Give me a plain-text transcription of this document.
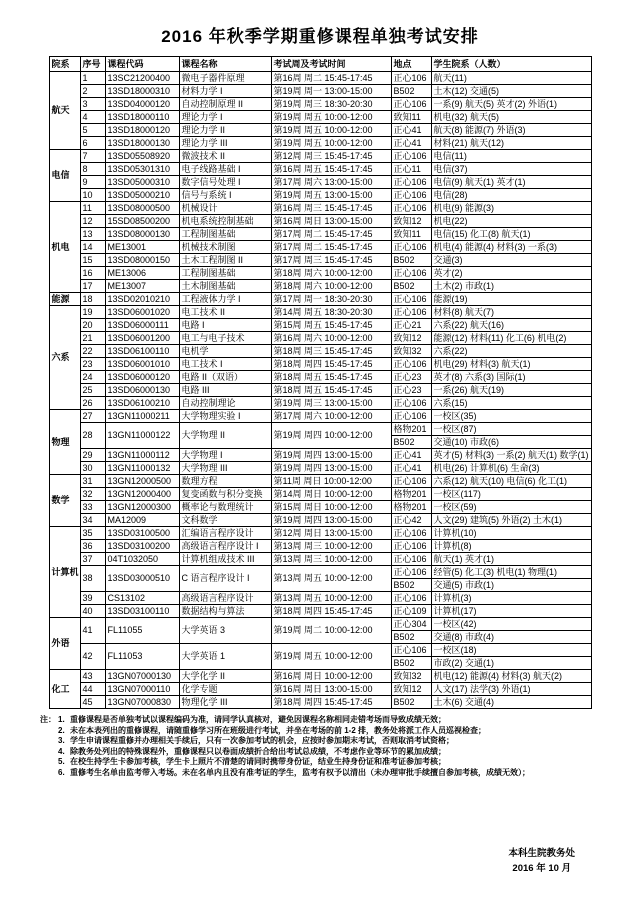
2016 年秋季学期重修课程单独考试安排
院系	序号	课程代码	课程名称	考试周及考试时间	地点	学生院系（人数）
航天	1	13SC21200400	微电子器件原理	第16周 周二 15:45-17:45	正心106	航天(11)
	2	13SD18000310	材料力学 I	第19周 周一 13:00-15:00	B502	土木(12) 交通(5)
	3	13SD04000120	自动控制原理 II	第19周 周三 18:30-20:30	正心106	一系(9) 航天(5) 英才(2) 外语(1)
	4	13SD18000110	理论力学 I	第19周 周五 10:00-12:00	致知11	机电(32) 航天(5)
	5	13SD18000120	理论力学 II	第19周 周五 10:00-12:00	正心41	航天(8) 能源(7) 外语(3)
	6	13SD18000130	理论力学 III	第19周 周五 10:00-12:00	正心41	材料(21) 航天(12)
电信	7	13SD05508920	微波技术 II	第12周 周三 15:45-17:45	正心106	电信(11)
	8	13SD05301310	电子线路基础 I	第16周 周五 15:45-17:45	正心11	电信(37)
	9	13SD05000310	数字信号处理 I	第17周 周六 13:00-15:00	正心106	电信(9) 航天(1) 英才(1)
	10	13SD05000210	信号与系统 I	第19周 周五 13:00-15:00	正心106	电信(28)
机电	11	13SD08000500	机械设计	第16周 周三 15:45-17:45	正心106	机电(9) 能源(3)
	12	15SD08500200	机电系统控制基础	第16周 周日 13:00-15:00	致知12	机电(22)
	13	13SD08000130	工程制图基础	第17周 周二 15:45-17:45	致知11	电信(15) 化工(8) 航天(1)
	14	ME13001	机械技术制图	第17周 周二 15:45-17:45	正心106	机电(4) 能源(4) 材料(3) 一系(3)
	15	13SD08000150	土木工程制图 II	第17周 周三 15:45-17:45	B502	交通(3)
	16	ME13006	工程制图基础	第18周 周六 10:00-12:00	正心106	英才(2)
	17	ME13007	土木制图基础	第18周 周六 10:00-12:00	B502	土木(2) 市政(1)
能源	18	13SD02010210	工程液体力学 I	第17周 周一 18:30-20:30	正心106	能源(19)
六系	19	13SD06001020	电工技术 II	第14周 周五 18:30-20:30	正心106	材料(8) 航天(7)
	20	13SD06000111	电路 I	第15周 周五 15:45-17:45	正心21	六系(22) 航天(16)
	21	13SD06001200	电工与电子技术	第16周 周六 10:00-12:00	致知12	能源(12) 材料(11) 化工(6) 机电(2)
	22	13SD06100110	电机学	第18周 周三 15:45-17:45	致知32	六系(22)
	23	13SD06001010	电工技术 I	第18周 周四 15:45-17:45	正心106	机电(29) 材料(3) 航天(1)
	24	13SD06000120	电路 II（双语）	第18周 周五 15:45-17:45	正心23	英才(8) 六系(3) 国际(1)
	25	13SD06000130	电路 III	第18周 周五 15:45-17:45	正心23	一系(26) 航天(19)
	26	13SD06100210	自动控制理论	第19周 周三 13:00-15:00	正心106	六系(15)
物理	27	13GN11000211	大学物理实验 I	第17周 周六 10:00-12:00	正心106	一校区(35)
	28	13GN11000122	大学物理 II	第19周 周四 10:00-12:00	格物201	一校区(87)
					B502	交通(10) 市政(6)
	29	13GN11000112	大学物理 I	第19周 周四 13:00-15:00	正心41	英才(5) 材料(3) 一系(2) 航天(1) 数学(1)
	30	13GN11000132	大学物理 III	第19周 周四 13:00-15:00	正心41	机电(26) 计算机(6) 生命(3)
数学	31	13GN12000500	数理方程	第11周 周日 10:00-12:00	正心106	六系(12) 航天(10) 电信(6) 化工(1)
	32	13GN12000400	复变函数与积分变换	第14周 周日 10:00-12:00	格物201	一校区(117)
	33	13GN12000300	概率论与数理统计	第15周 周日 10:00-12:00	格物201	一校区(59)
	34	MA12009	文科数学	第19周 周四 13:00-15:00	正心42	人文(29) 建筑(5) 外语(2) 土木(1)
计算机	35	13SD03100500	汇编语言程序设计	第12周 周日 13:00-15:00	正心106	计算机(10)
	36	13SD03100200	高级语言程序设计 I	第13周 周三 10:00-12:00	正心106	计算机(8)
	37	04T1032050	计算机组成技术 III	第13周 周三 10:00-12:00	正心106	航天(1) 英才(1)
	38	13SD03000510	C 语言程序设计 I	第13周 周五 10:00-12:00	正心106	经管(5) 化工(3) 机电(1) 物理(1)
					B502	交通(5) 市政(1)
	39	CS13102	高级语言程序设计	第13周 周五 10:00-12:00	正心106	计算机(3)
	40	13SD03100110	数据结构与算法	第18周 周四 15:45-17:45	正心109	计算机(17)
外语	41	FL11055	大学英语 3	第19周 周二 10:00-12:00	正心304	一校区(42)
					B502	交通(8) 市政(4)
	42	FL11053	大学英语 1	第19周 周五 10:00-12:00	正心106	一校区(18)
					B502	市政(2) 交通(1)
化工	43	13GN07000130	大学化学 II	第16周 周日 10:00-12:00	致知32	机电(12) 能源(4) 材料(3) 航天(2)
	44	13GN07000110	化学专题	第16周 周日 13:00-15:00	致知12	人文(17) 法学(3) 外语(1)
	45	13GN07000830	物理化学 III	第18周 周四 15:45-17:45	B502	土木(6) 交通(4)
注： 1. 重修课程是否单独考试以课程编码为准，请同学认真核对，避免因课程名称相同走错考场而导致成绩无效；
2. 未在本表列出的重修课程，请随重修学习所在班级进行考试，并坐在考场的前 1-2 排，教务处将派工作人员巡视检查；
3. 学生申请课程重修并办理相关手续后，只有一次参加考试的机会，应按时参加期末考试，否则取消考试资格；
4. 除教务处列出的特殊课程外，重修课程只以卷面成绩折合给出考试总成绩，不考虑作业等环节的累加成绩；
5. 在校生持学生卡参加考核，学生卡上照片不清楚的请同时携带身份证，结业生持身份证和准考证参加考核；
6. 重修考生名单由监考带入考场。未在名单内且没有准考证的学生，监考有权予以清出（未办理审批手续擅自参加考核，成绩无效）；
本科生院教务处
2016 年 10 月
